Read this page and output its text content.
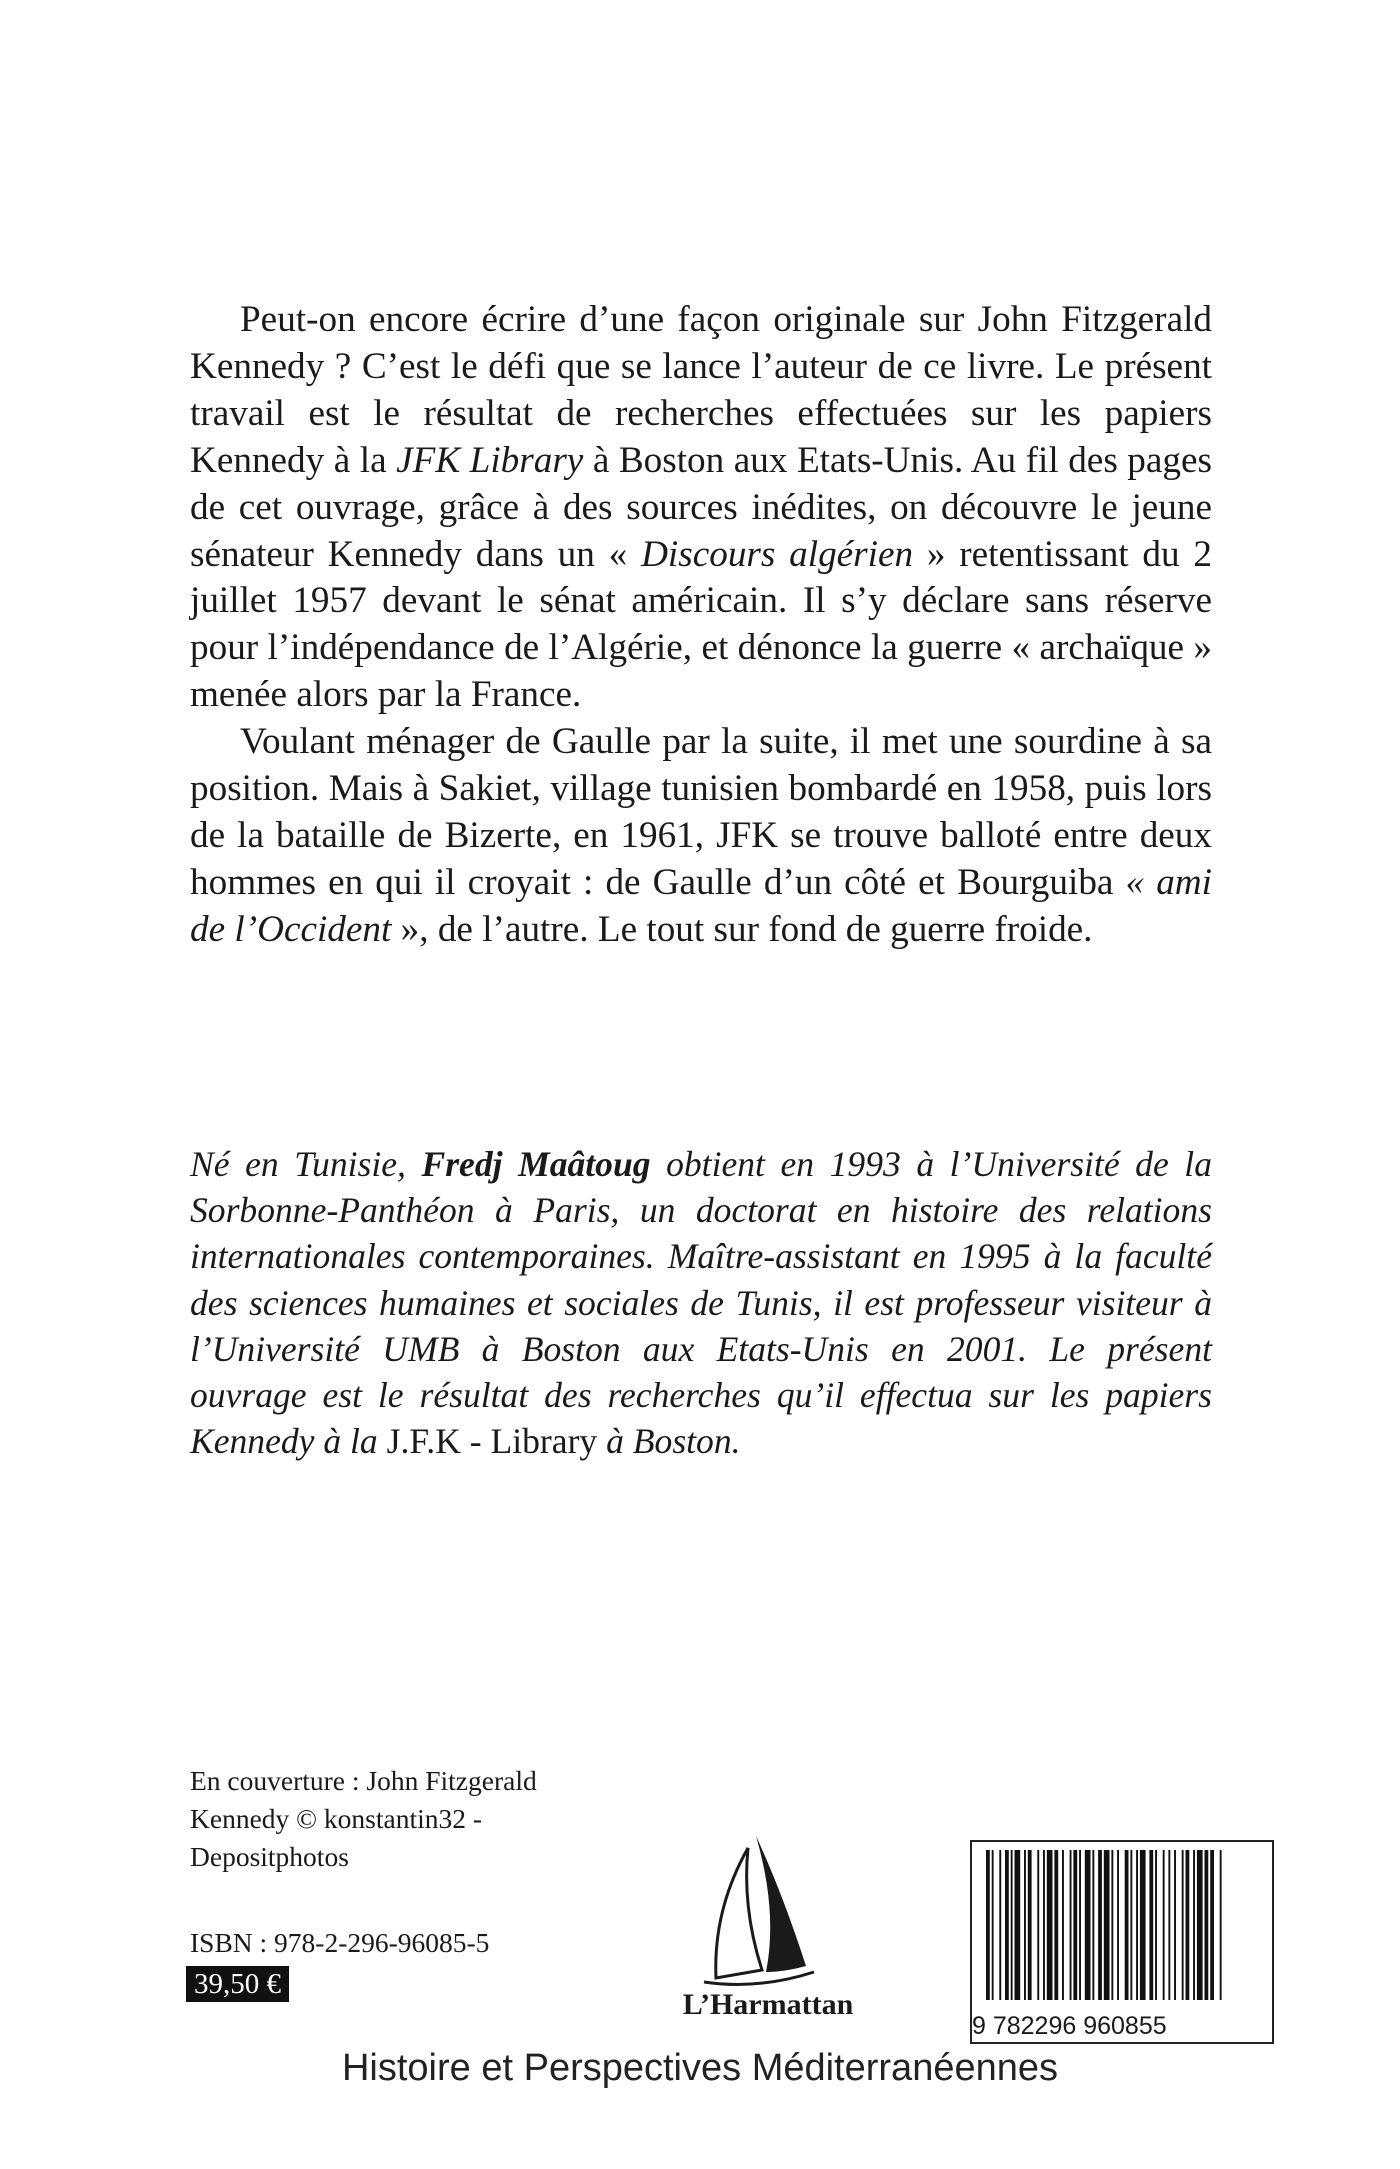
Peut-on encore écrire d’une façon originale sur John Fitzgerald Kennedy ? C’est le défi que se lance l’auteur de ce livre. Le présent travail est le résultat de recherches effectuées sur les papiers Kennedy à la JFK Library à Boston aux Etats-Unis. Au fil des pages de cet ouvrage, grâce à des sources inédites, on découvre le jeune sénateur Kennedy dans un « Discours algérien » retentissant du 2 juillet 1957 devant le sénat américain. Il s’y déclare sans réserve pour l’indépendance de l’Algérie, et dénonce la guerre « archaïque » menée alors par la France.

Voulant ménager de Gaulle par la suite, il met une sourdine à sa position. Mais à Sakiet, village tunisien bombardé en 1958, puis lors de la bataille de Bizerte, en 1961, JFK se trouve balloté entre deux hommes en qui il croyait : de Gaulle d’un côté et Bourguiba « ami de l’Occident », de l’autre. Le tout sur fond de guerre froide.

Né en Tunisie, Fredj Maâtoug obtient en 1993 à l’Université de la Sorbonne-Panthéon à Paris, un doctorat en histoire des relations internationales contemporaines. Maître-assistant en 1995 à la faculté des sciences humaines et sociales de Tunis, il est professeur visiteur à l’Université UMB à Boston aux Etats-Unis en 2001. Le présent ouvrage est le résultat des recherches qu’il effectua sur les papiers Kennedy à la J.F.K - Library à Boston.

En couverture : John Fitzgerald
Kennedy © konstantin32 -
Depositphotos
ISBN : 978-2-296-96085-5
39,50 €
L’Harmattan
9 782296 960855
Histoire et Perspectives Méditerranéennes
